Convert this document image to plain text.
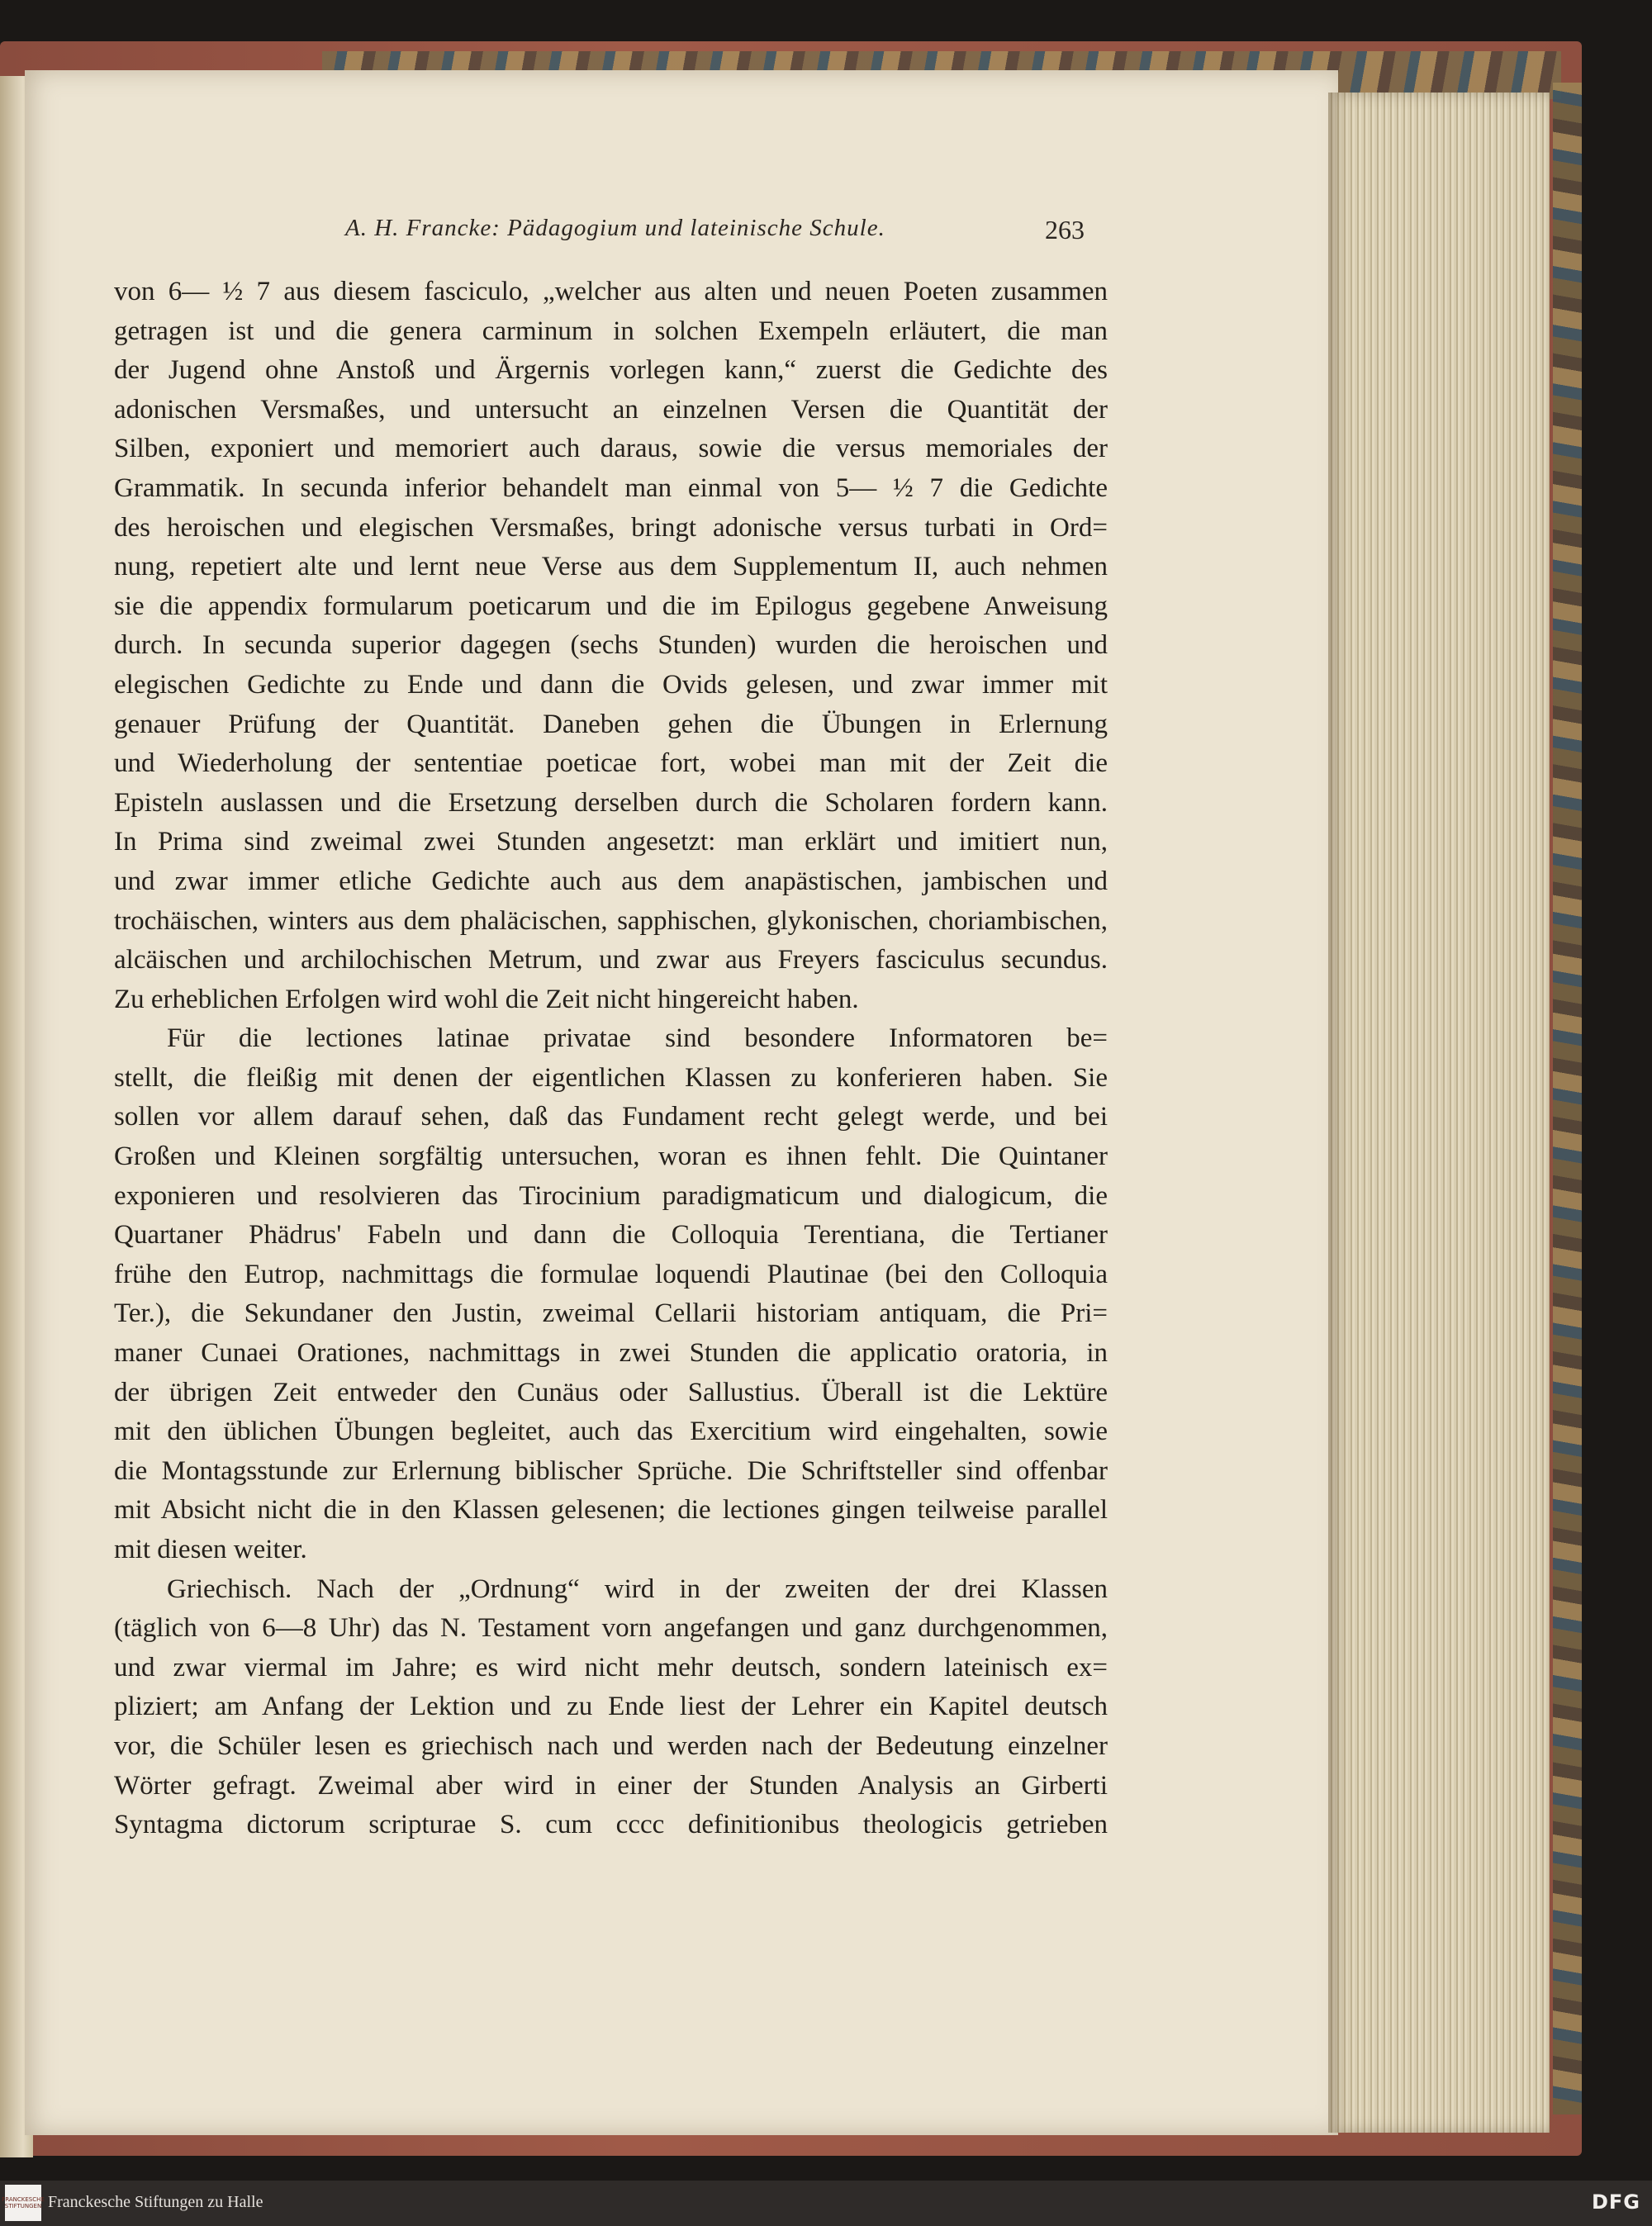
A. H. Francke: Pädagogium und lateinische Schule.	263
von 6— ½ 7 aus diesem fasciculo, „welcher aus alten und neuen Poeten zusammen
getragen ist und die genera carminum in solchen Exempeln erläutert, die man
der Jugend ohne Anstoß und Ärgernis vorlegen kann,“ zuerst die Gedichte des
adonischen Versmaßes, und untersucht an einzelnen Versen die Quantität der
Silben, exponiert und memoriert auch daraus, sowie die versus memoriales der
Grammatik. In secunda inferior behandelt man einmal von 5— ½ 7 die Gedichte
des heroischen und elegischen Versmaßes, bringt adonische versus turbati in Ord=
nung, repetiert alte und lernt neue Verse aus dem Supplementum II, auch nehmen
sie die appendix formularum poeticarum und die im Epilogus gegebene Anweisung
durch. In secunda superior dagegen (sechs Stunden) wurden die heroischen und
elegischen Gedichte zu Ende und dann die Ovids gelesen, und zwar immer mit
genauer Prüfung der Quantität. Daneben gehen die Übungen in Erlernung
und Wiederholung der sententiae poeticae fort, wobei man mit der Zeit die
Episteln auslassen und die Ersetzung derselben durch die Scholaren fordern kann.
In Prima sind zweimal zwei Stunden angesetzt: man erklärt und imitiert nun,
und zwar immer etliche Gedichte auch aus dem anapästischen, jambischen und
trochäischen, winters aus dem phaläcischen, sapphischen, glykonischen, choriambischen,
alcäischen und archilochischen Metrum, und zwar aus Freyers fasciculus secundus.
Zu erheblichen Erfolgen wird wohl die Zeit nicht hingereicht haben.
Für die lectiones latinae privatae sind besondere Informatoren be=
stellt, die fleißig mit denen der eigentlichen Klassen zu konferieren haben. Sie
sollen vor allem darauf sehen, daß das Fundament recht gelegt werde, und bei
Großen und Kleinen sorgfältig untersuchen, woran es ihnen fehlt. Die Quintaner
exponieren und resolvieren das Tirocinium paradigmaticum und dialogicum, die
Quartaner Phädrus' Fabeln und dann die Colloquia Terentiana, die Tertianer
frühe den Eutrop, nachmittags die formulae loquendi Plautinae (bei den Colloquia
Ter.), die Sekundaner den Justin, zweimal Cellarii historiam antiquam, die Pri=
maner Cunaei Orationes, nachmittags in zwei Stunden die applicatio oratoria, in
der übrigen Zeit entweder den Cunäus oder Sallustius. Überall ist die Lektüre
mit den üblichen Übungen begleitet, auch das Exercitium wird eingehalten, sowie
die Montagsstunde zur Erlernung biblischer Sprüche. Die Schriftsteller sind offenbar
mit Absicht nicht die in den Klassen gelesenen; die lectiones gingen teilweise parallel
mit diesen weiter.
Griechisch. Nach der „Ordnung“ wird in der zweiten der drei Klassen
(täglich von 6—8 Uhr) das N. Testament vorn angefangen und ganz durchgenommen,
und zwar viermal im Jahre; es wird nicht mehr deutsch, sondern lateinisch ex=
pliziert; am Anfang der Lektion und zu Ende liest der Lehrer ein Kapitel deutsch
vor, die Schüler lesen es griechisch nach und werden nach der Bedeutung einzelner
Wörter gefragt. Zweimal aber wird in einer der Stunden Analysis an Girberti
Syntagma dictorum scripturae S. cum cccc definitionibus theologicis getrieben
FRANCKESCHE STIFTUNGEN Franckesche Stiftungen zu Halle	DFG
